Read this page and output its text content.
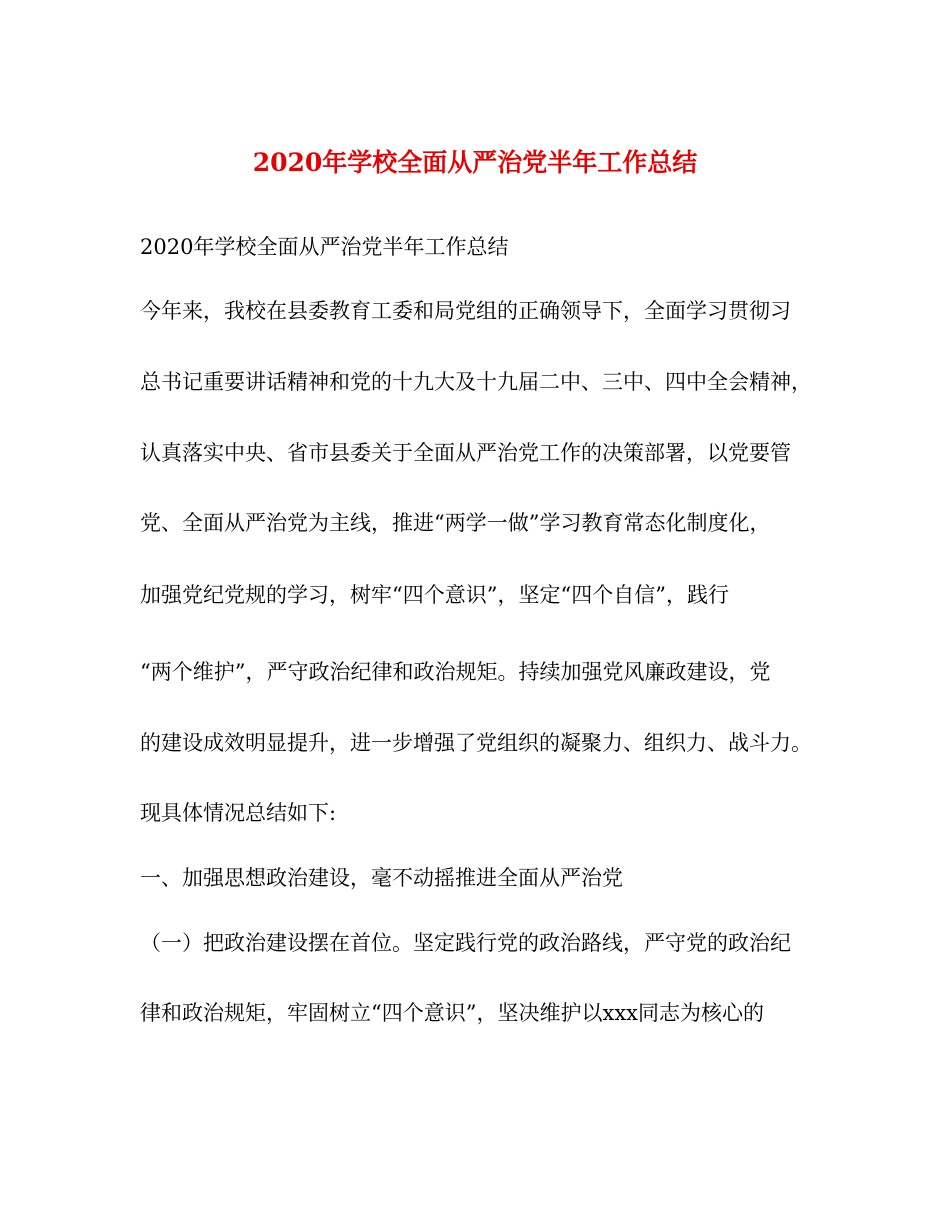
2020年学校全面从严治党半年工作总结

2020年学校全面从严治党半年工作总结

今年来，我校在县委教育工委和局党组的正确领导下，全面学习贯彻习

总书记重要讲话精神和党的十九大及十九届二中、三中、四中全会精神，

认真落实中央、省市县委关于全面从严治党工作的决策部署，以党要管

党、全面从严治党为主线，推进“两学一做”学习教育常态化制度化，

加强党纪党规的学习，树牢“四个意识”，坚定“四个自信”，践行

“两个维护”，严守政治纪律和政治规矩。持续加强党风廉政建设，党

的建设成效明显提升，进一步增强了党组织的凝聚力、组织力、战斗力。

现具体情况总结如下:

一、加强思想政治建设，毫不动摇推进全面从严治党

（一）把政治建设摆在首位。坚定践行党的政治路线，严守党的政治纪

律和政治规矩，牢固树立“四个意识”，坚决维护以xxx同志为核心的
